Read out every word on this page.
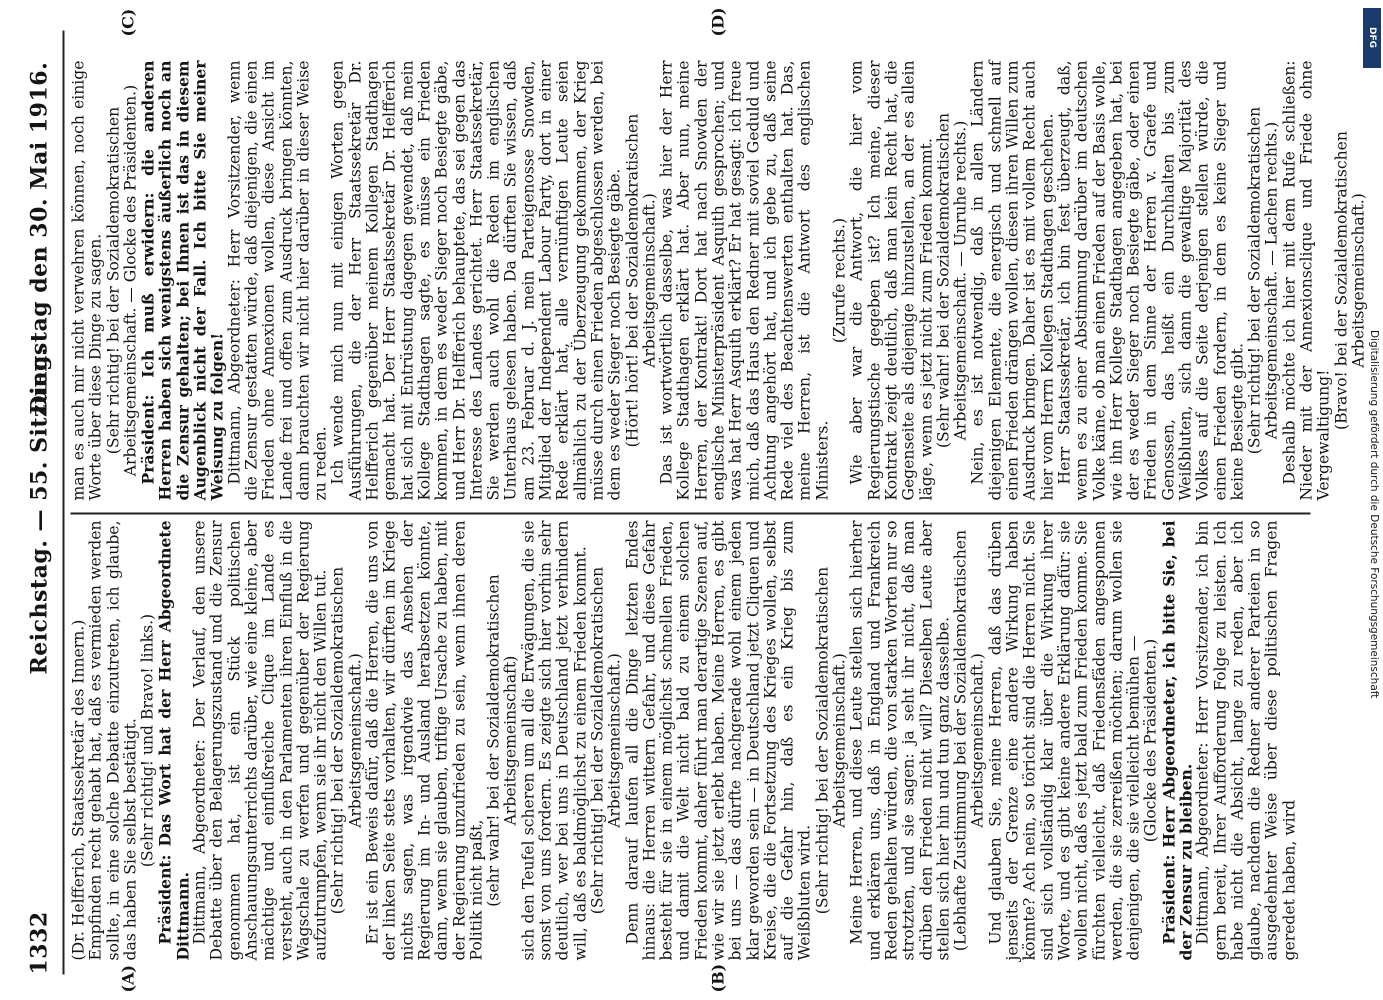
1332
Reichstag. — 55. Sitzung.
Dienstag den 30. Mai 1916.
(A)	(B)
(C)	(D)

(Dr. Helfferich, Staatssekretär des Innern.) Empfinden recht gehabt hat, daß es vermieden werden sollte, in eine solche Debatte einzutreten, ich glaube, das haben Sie selbst bestätigt. (Sehr richtig! und Bravo! links.) Präsident: Das Wort hat der Herr Abgeordnete Dittmann.

Dittmann, Abgeordneter: Der Verlauf, den unsere Debatte über den Belagerungszustand und die Zensur genommen hat, ist ein Stück politischen Anschauungsunterrichts darüber, wie eine kleine, aber mächtige und einflußreiche Clique im Lande es versteht, auch in den Parlamenten ihren Einfluß in die Wagschale zu werfen und gegenüber der Regierung aufzutrumpfen, wenn sie ihr nicht den Willen tut. (Sehr richtig! bei der Sozialdemokratischen Arbeitsgemeinschaft.) Er ist ein Beweis dafür, daß die Herren, die uns von der linken Seite stets vorhalten, wir dürften im Kriege nichts sagen, was irgendwie das Ansehen der Regierung im In- und Ausland herabsetzen könnte, dann, wenn sie glauben, triftige Ursache zu haben, mit der Regierung unzufrieden zu sein, wenn ihnen deren Politik nicht paßt, (sehr wahr! bei der Sozialdemokratischen Arbeitsgemeinschaft) sich den Teufel scheren um all die Erwägungen, die sie sonst von uns fordern. Es zeigte sich hier vorhin sehr deutlich, wer bei uns in Deutschland jetzt verhindern will, daß es baldmöglichst zu einem Frieden kommt. (Sehr richtig! bei der Sozialdemokratischen Arbeitsgemeinschaft.) Denn darauf laufen all die Dinge letzten Endes hinaus: die Herren wittern Gefahr, und diese Gefahr besteht für sie in einem möglichst schnellen Frieden, und damit die Welt nicht bald zu einem solchen Frieden kommt, daher führt man derartige Szenen auf, wie wir sie jetzt erlebt haben. Meine Herren, es gibt bei uns — das dürfte nachgerade wohl einem jeden klar geworden sein — in Deutschland jetzt Cliquen und Kreise, die die Fortsetzung des Krieges wollen, selbst auf die Gefahr hin, daß es ein Krieg bis zum Weißbluten wird. (Sehr richtig! bei der Sozialdemokratischen Arbeitsgemeinschaft.) Meine Herren, und diese Leute stellen sich hierher und erklären uns, daß in England und Frankreich Reden gehalten würden, die von starken Worten nur so strotzten, und sie sagen: ja seht ihr nicht, daß man drüben den Frieden nicht will? Dieselben Leute aber stellen sich hier hin und tun ganz dasselbe. (Lebhafte Zustimmung bei der Sozialdemokratischen Arbeitsgemeinschaft.) Und glauben Sie, meine Herren, daß das drüben jenseits der Grenze eine andere Wirkung haben könnte? Ach nein, so töricht sind die Herren nicht. Sie sind sich vollständig klar über die Wirkung ihrer Worte, und es gibt keine andere Erklärung dafür: sie wollen nicht, daß es jetzt bald zum Frieden komme. Sie fürchten vielleicht, daß Friedensfäden angesponnen werden, die sie zerreißen möchten; darum wollen sie denjenigen, die sie vielleicht bemühen — (Glocke des Präsidenten.) Präsident: Herr Abgeordneter, ich bitte Sie, bei der Zensur zu bleiben.

Dittmann, Abgeordneter: Herr Vorsitzender, ich bin gern bereit, Ihrer Aufforderung Folge zu leisten. Ich habe nicht die Absicht, lange zu reden, aber ich glaube, nachdem die Redner anderer Parteien in so ausgedehnter Weise über diese politischen Fragen geredet haben, wird

man es auch mir nicht verwehren können, noch einige Worte über diese Dinge zu sagen. (Sehr richtig! bei der Sozialdemokratischen Arbeitsgemeinschaft. — Glocke des Präsidenten.) Präsident: Ich muß erwidern: die anderen Herren haben sich wenigstens äußerlich noch an die Zensur gehalten; bei Ihnen ist das in diesem Augenblick nicht der Fall. Ich bitte Sie meiner Weisung zu folgen!

Dittmann, Abgeordneter: Herr Vorsitzender, wenn die Zensur gestatten würde, daß diejenigen, die einen Frieden ohne Annexionen wollen, diese Ansicht im Lande frei und offen zum Ausdruck bringen könnten, dann brauchten wir nicht hier darüber in dieser Weise zu reden. Ich wende mich nun mit einigen Worten gegen Ausführungen, die der Herr Staatssekretär Dr. Helfferich gegenüber meinem Kollegen Stadthagen gemacht hat. Der Herr Staatssekretär Dr. Helfferich hat sich mit Entrüstung dagegen gewendet, daß mein Kollege Stadthagen sagte, es müsse ein Frieden kommen, in dem es weder Sieger noch Besiegte gäbe, und Herr Dr. Helfferich behauptete, das sei gegen das Interesse des Landes gerichtet. Herr Staatssekretär, Sie werden auch wohl die Reden im englischen Unterhaus gelesen haben. Da dürften Sie wissen, daß am 23. Februar d. J. mein Parteigenosse Snowden, Mitglied der Independent Labour Party, dort in einer Rede erklärt hat, alle vernünftigen Leute seien allmählich zu der Überzeugung gekommen, der Krieg müsse durch einen Frieden abgeschlossen werden, bei dem es weder Sieger noch Besiegte gäbe. (Hört! hört! bei der Sozialdemokratischen Arbeitsgemeinschaft.) Das ist wortwörtlich dasselbe, was hier der Herr Kollege Stadthagen erklärt hat. Aber nun, meine Herren, der Kontrakt! Dort hat nach Snowden der englische Ministerpräsident Asquith gesprochen; und was hat Herr Asquith erklärt? Er hat gesagt: ich freue mich, daß das Haus den Redner mit soviel Geduld und Achtung angehört hat, und ich gebe zu, daß seine Rede viel des Beachtenswerten enthalten hat. Das, meine Herren, ist die Antwort des englischen Ministers.

(Zurufe rechts.) Wie aber war die Antwort, die hier vom Regierungstische gegeben ist? Ich meine, dieser Kontrakt zeigt deutlich, daß man kein Recht hat, die Gegenseite als diejenige hinzustellen, an der es allein läge, wenn es jetzt nicht zum Frieden kommt. (Sehr wahr! bei der Sozialdemokratischen Arbeitsgemeinschaft. — Unruhe rechts.) Nein, es ist notwendig, daß in allen Ländern diejenigen Elemente, die energisch und schnell auf einen Frieden drängen wollen, diesen ihren Willen zum Ausdruck bringen. Daher ist es mit vollem Recht auch hier vom Herrn Kollegen Stadthagen geschehen. Herr Staatssekretär, ich bin fest überzeugt, daß, wenn es zu einer Abstimmung darüber im deutschen Volke käme, ob man einen Frieden auf der Basis wolle, wie ihn Herr Kollege Stadthagen angegeben hat, bei der es weder Sieger noch Besiegte gäbe, oder einen Frieden in dem Sinne der Herren v. Graefe und Genossen, das heißt ein Durchhalten bis zum Weißbluten, sich dann die gewaltige Majorität des Volkes auf die Seite derjenigen stellen würde, die einen Frieden fordern, in dem es keine Sieger und keine Besiegte gibt. (Sehr richtig! bei der Sozialdemokratischen Arbeitsgemeinschaft. — Lachen rechts.) Deshalb möchte ich hier mit dem Rufe schließen: Nieder mit der Annexionsclique und Friede ohne Vergewaltigung!

(Bravo! bei der Sozialdemokratischen Arbeitsgemeinschaft.)

DFG
Digitalisierung gefördert durch die Deutsche Forschungsgemeinschaft
